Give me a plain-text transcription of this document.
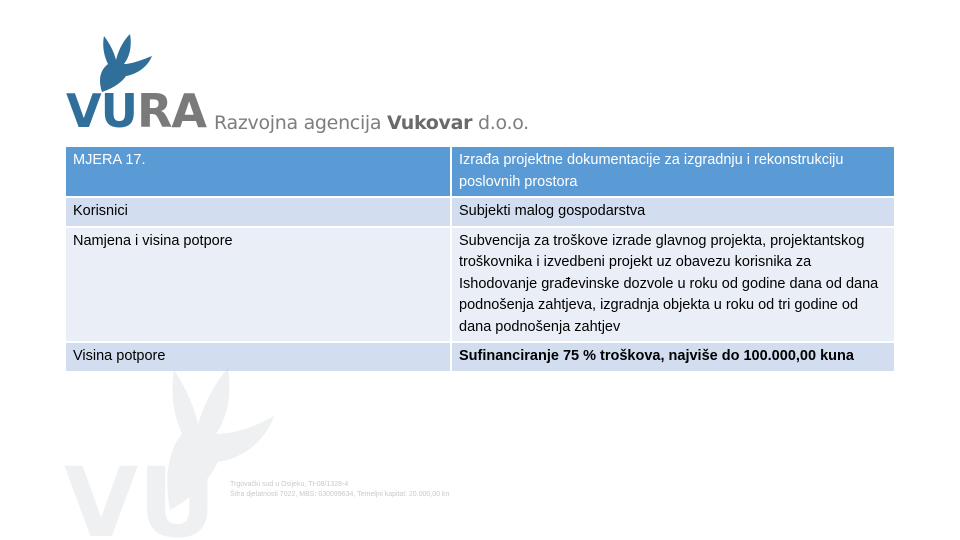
VURA Razvojna agencija Vukovar d.o.o.
MJERA 17.		Izrađa projektne dokumentacije za izgradnju i rekonstrukciju poslovnih prostora
Korisnici		Subjekti malog gospodarstva
Namjena i visina potpore		Subvencija za troškove izrade glavnog projekta, projektantskog troškovnika i izvedbeni projekt uz obavezu korisnika za Ishodovanje građevinske dozvole u roku od godine dana od dana podnošenja zahtjeva, izgradnja objekta u roku od tri godine od dana podnošenja zahtjev
Visina potpore		Sufinanciranje 75 % troškova, najviše do 100.000,00 kuna
VU Trgovački sud u Osijeku, Tt-08/1328-4
Šifra djelatnosti 7022, MBS: 030099634, Temeljni kapital: 20.000,00 kn
